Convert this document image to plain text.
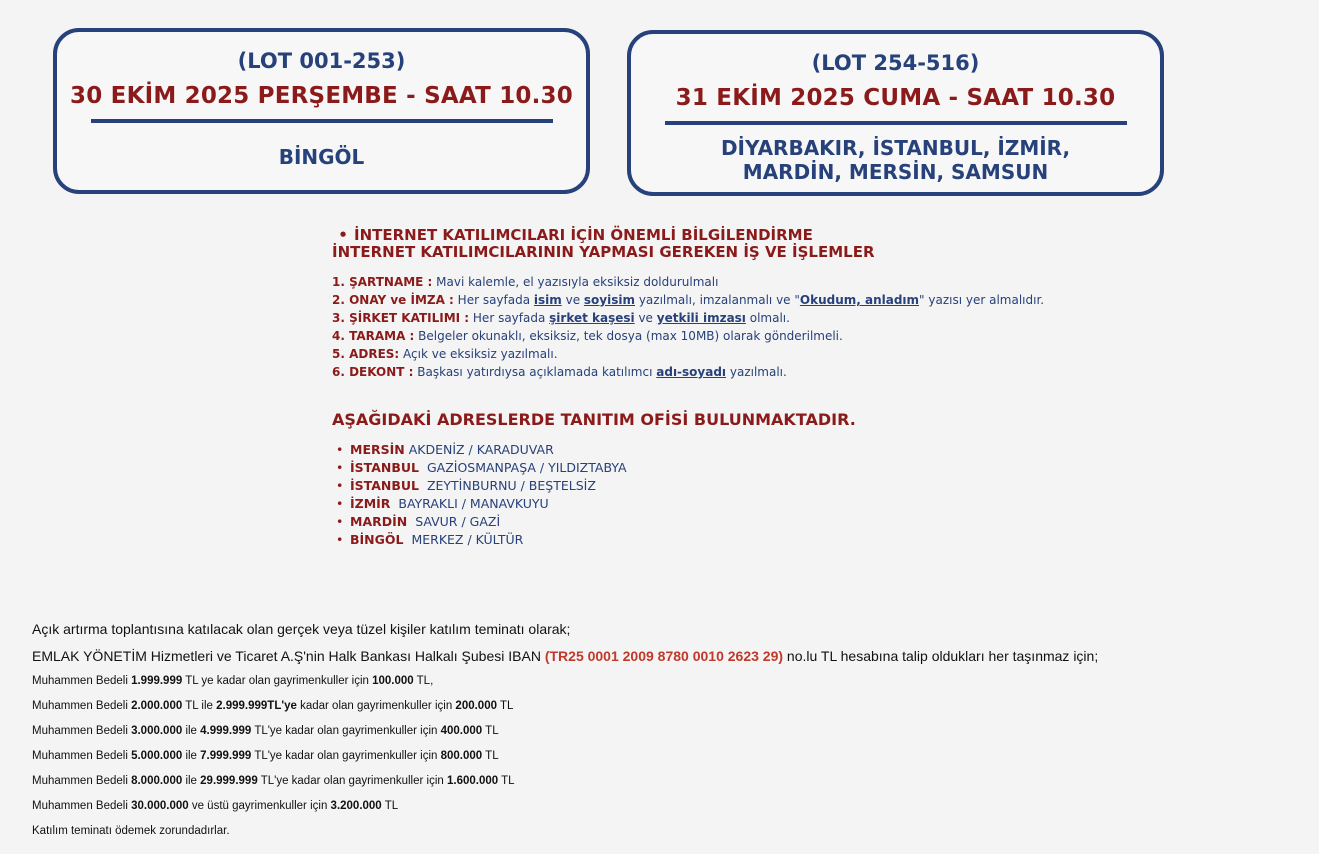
(LOT 001-253)
30 EKİM 2025 PERŞEMBE - SAAT 10.30
BİNGÖL
(LOT 254-516)
31 EKİM 2025 CUMA - SAAT 10.30
DİYARBAKIR, İSTANBUL, İZMİR,
MARDİN, MERSİN, SAMSUN
• İNTERNET KATILIMCILARI İÇİN ÖNEMLİ BİLGİLENDİRME
İNTERNET KATILIMCILARININ YAPMASI GEREKEN İŞ VE İŞLEMLER
1. ŞARTNAME : Mavi kalemle, el yazısıyla eksiksiz doldurulmalı
2. ONAY ve İMZA : Her sayfada isim ve soyisim yazılmalı, imzalanmalı ve "Okudum, anladım" yazısı yer almalıdır.
3. ŞİRKET KATILIMI : Her sayfada şirket kaşesi ve yetkili imzası olmalı.
4. TARAMA : Belgeler okunaklı, eksiksiz, tek dosya (max 10MB) olarak gönderilmeli.
5. ADRES: Açık ve eksiksiz yazılmalı.
6. DEKONT : Başkası yatırdıysa açıklamada katılımcı adı-soyadı yazılmalı.
AŞAĞIDAKİ ADRESLERDE TANITIM OFİSİ BULUNMAKTADIR.
• MERSİN AKDENİZ / KARADUVAR
• İSTANBUL GAZİOSMANPAŞA / YILDIZTABYA
• İSTANBUL ZEYTİNBURNU / BEŞTELSİZ
• İZMİR BAYRAKLI / MANAVKUYU
• MARDİN SAVUR / GAZİ
• BİNGÖL MERKEZ / KÜLTÜR
Açık artırma toplantısına katılacak olan gerçek veya tüzel kişiler katılım teminatı olarak;
EMLAK YÖNETİM Hizmetleri ve Ticaret A.Ş'nin Halk Bankası Halkalı Şubesi IBAN (TR25 0001 2009 8780 0010 2623 29) no.lu TL hesabına talip oldukları her taşınmaz için;
Muhammen Bedeli 1.999.999 TL ye kadar olan gayrimenkuller için 100.000 TL,
Muhammen Bedeli 2.000.000 TL ile 2.999.999TL'ye kadar olan gayrimenkuller için 200.000 TL
Muhammen Bedeli 3.000.000 ile 4.999.999 TL'ye kadar olan gayrimenkuller için 400.000 TL
Muhammen Bedeli 5.000.000 ile 7.999.999 TL'ye kadar olan gayrimenkuller için 800.000 TL
Muhammen Bedeli 8.000.000 ile 29.999.999 TL'ye kadar olan gayrimenkuller için 1.600.000 TL
Muhammen Bedeli 30.000.000 ve üstü gayrimenkuller için 3.200.000 TL
Katılım teminatı ödemek zorundadırlar.
